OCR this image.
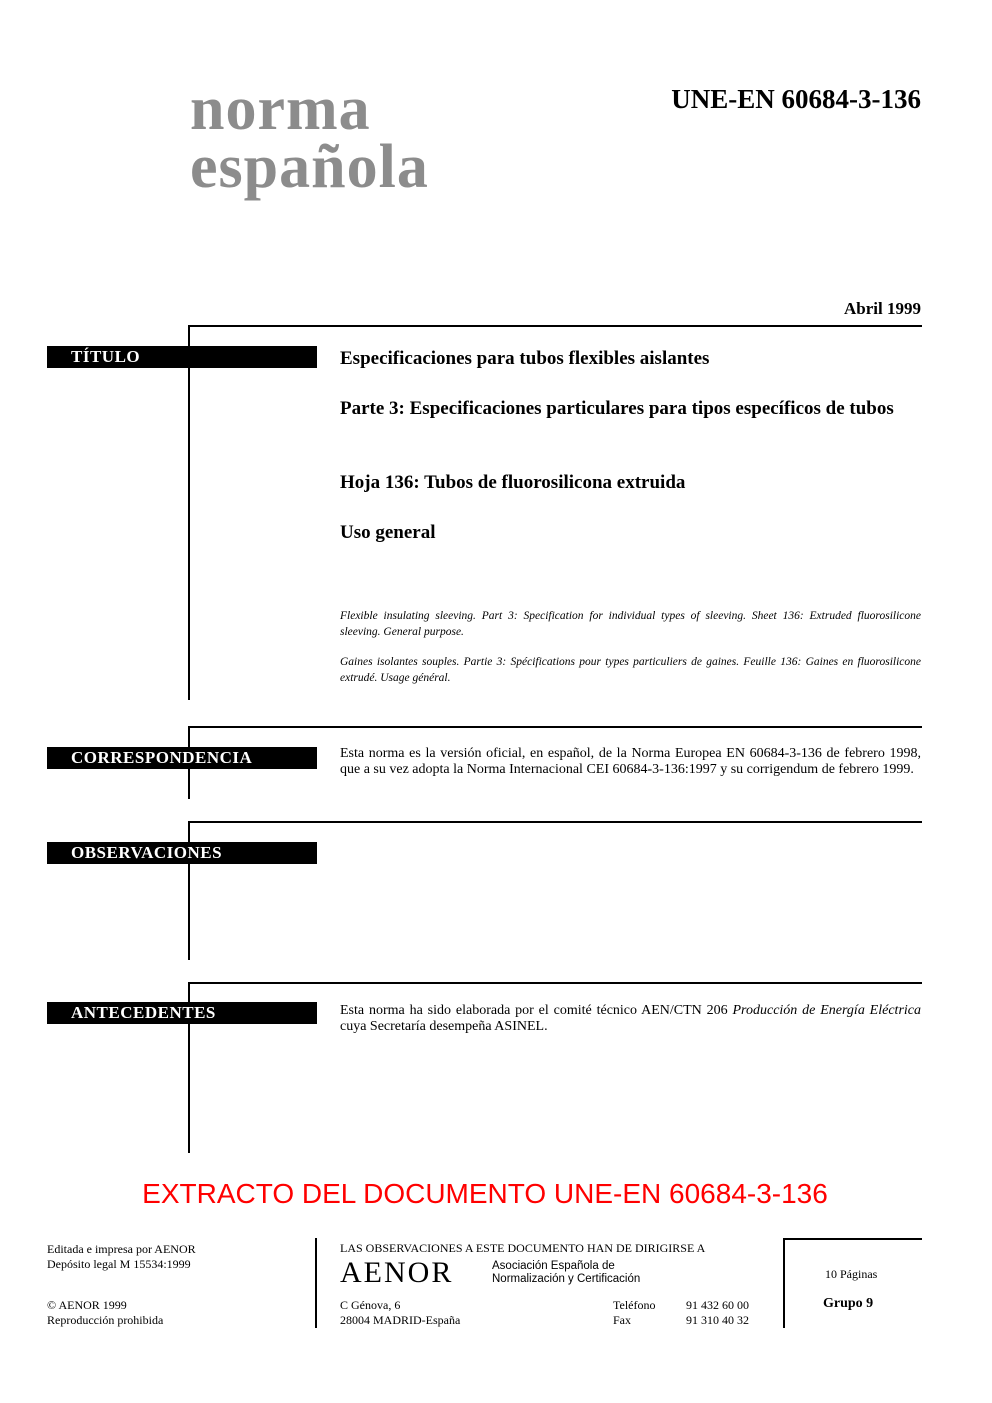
norma
española
UNE-EN 60684-3-136
Abril 1999
TÍTULO	Especificaciones para tubos flexibles aislantes
Parte 3: Especificaciones particulares para tipos específicos de tubos
Hoja 136: Tubos de fluorosilicona extruida
Uso general
Flexible insulating sleeving. Part 3: Specification for individual types of sleeving. Sheet 136: Extruded fluorosilicone sleeving. General purpose.
Gaines isolantes souples. Partie 3: Spécifications pour types particuliers de gaines. Feuille 136: Gaines en fluorosilicone extrudé. Usage général.
CORRESPONDENCIA	Esta norma es la versión oficial, en español, de la Norma Europea EN 60684-3-136 de febrero 1998, que a su vez adopta la Norma Internacional CEI 60684-3-136:1997 y su corrigendum de febrero 1999.
OBSERVACIONES
ANTECEDENTES	Esta norma ha sido elaborada por el comité técnico AEN/CTN 206 Producción de Energía Eléctrica cuya Secretaría desempeña ASINEL.
EXTRACTO DEL DOCUMENTO UNE-EN 60684-3-136
Editada e impresa por AENOR
Depósito legal M 15534:1999
© AENOR 1999
Reproducción prohibida
LAS OBSERVACIONES A ESTE DOCUMENTO HAN DE DIRIGIRSE A
AENOR	Asociación Española de
Normalización y Certificación
C Génova, 6
28004 MADRID-España
Teléfono	91 432 60 00
Fax	91 310 40 32
10 Páginas
Grupo 9
